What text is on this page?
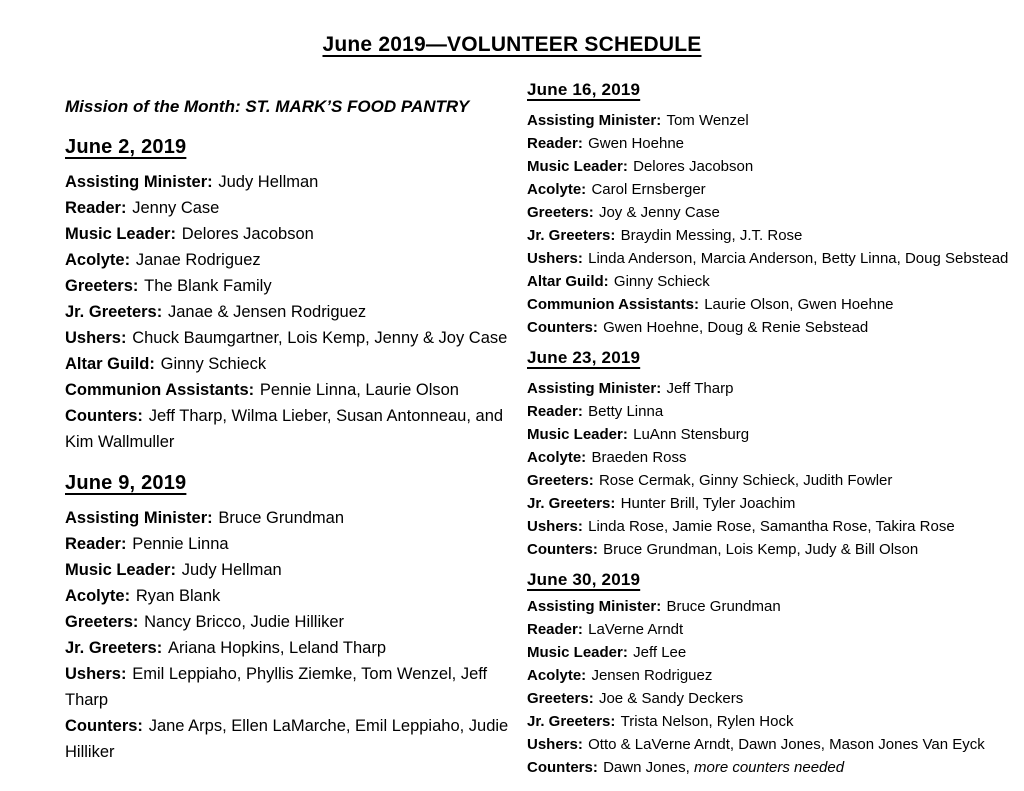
June 2019—VOLUNTEER SCHEDULE

Mission of the Month: ST. MARK’S FOOD PANTRY

June 2, 2019

Assisting Minister: Judy Hellman

Reader: Jenny Case

Music Leader: Delores Jacobson

Acolyte: Janae Rodriguez

Greeters: The Blank Family

Jr. Greeters: Janae & Jensen Rodriguez

Ushers: Chuck Baumgartner, Lois Kemp, Jenny & Joy Case

Altar Guild: Ginny Schieck

Communion Assistants: Pennie Linna, Laurie Olson

Counters: Jeff Tharp, Wilma Lieber, Susan Antonneau, and Kim Wallmuller

June 9, 2019

Assisting Minister: Bruce Grundman

Reader: Pennie Linna

Music Leader: Judy Hellman

Acolyte: Ryan Blank

Greeters: Nancy Bricco, Judie Hilliker

Jr. Greeters: Ariana Hopkins, Leland Tharp

Ushers: Emil Leppiaho, Phyllis Ziemke, Tom Wenzel, Jeff Tharp

Counters: Jane Arps, Ellen LaMarche, Emil Leppiaho, Judie Hilliker

June 16, 2019

Assisting Minister: Tom Wenzel

Reader: Gwen Hoehne

Music Leader: Delores Jacobson

Acolyte: Carol Ernsberger

Greeters: Joy & Jenny Case

Jr. Greeters: Braydin Messing, J.T. Rose

Ushers: Linda Anderson, Marcia Anderson, Betty Linna, Doug Sebstead

Altar Guild: Ginny Schieck

Communion Assistants: Laurie Olson, Gwen Hoehne

Counters: Gwen Hoehne, Doug & Renie Sebstead

June 23, 2019

Assisting Minister: Jeff Tharp

Reader: Betty Linna

Music Leader: LuAnn Stensburg

Acolyte: Braeden Ross

Greeters: Rose Cermak, Ginny Schieck, Judith Fowler

Jr. Greeters: Hunter Brill, Tyler Joachim

Ushers: Linda Rose, Jamie Rose, Samantha Rose, Takira Rose

Counters: Bruce Grundman, Lois Kemp, Judy & Bill Olson

June 30, 2019

Assisting Minister: Bruce Grundman

Reader: LaVerne Arndt

Music Leader: Jeff Lee

Acolyte: Jensen Rodriguez

Greeters: Joe & Sandy Deckers

Jr. Greeters: Trista Nelson, Rylen Hock

Ushers: Otto & LaVerne Arndt, Dawn Jones, Mason Jones Van Eyck

Counters: Dawn Jones, more counters needed
